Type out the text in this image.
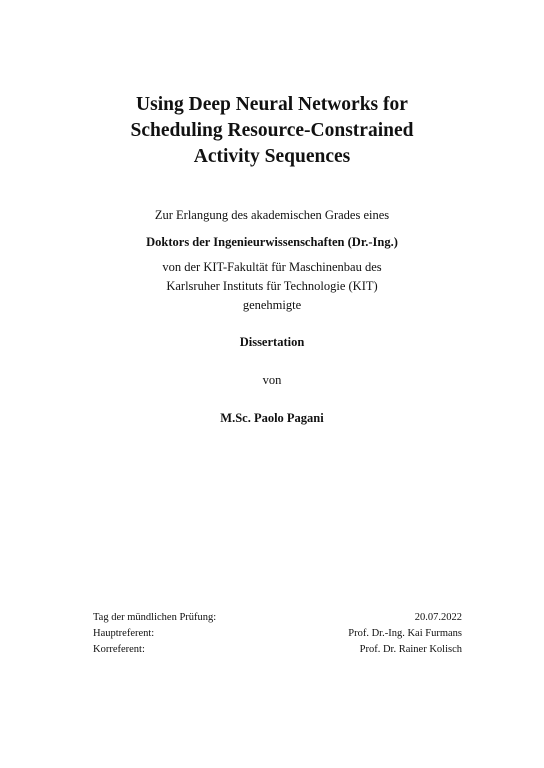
Using Deep Neural Networks for
Scheduling Resource-Constrained
Activity Sequences
Zur Erlangung des akademischen Grades eines
Doktors der Ingenieurwissenschaften (Dr.-Ing.)
von der KIT-Fakultät für Maschinenbau des
Karlsruher Instituts für Technologie (KIT)
genehmigte
Dissertation
von
M.Sc. Paolo Pagani
Tag der mündlichen Prüfung:	20.07.2022
Hauptreferent:	Prof. Dr.-Ing. Kai Furmans
Korreferent:	Prof. Dr. Rainer Kolisch
